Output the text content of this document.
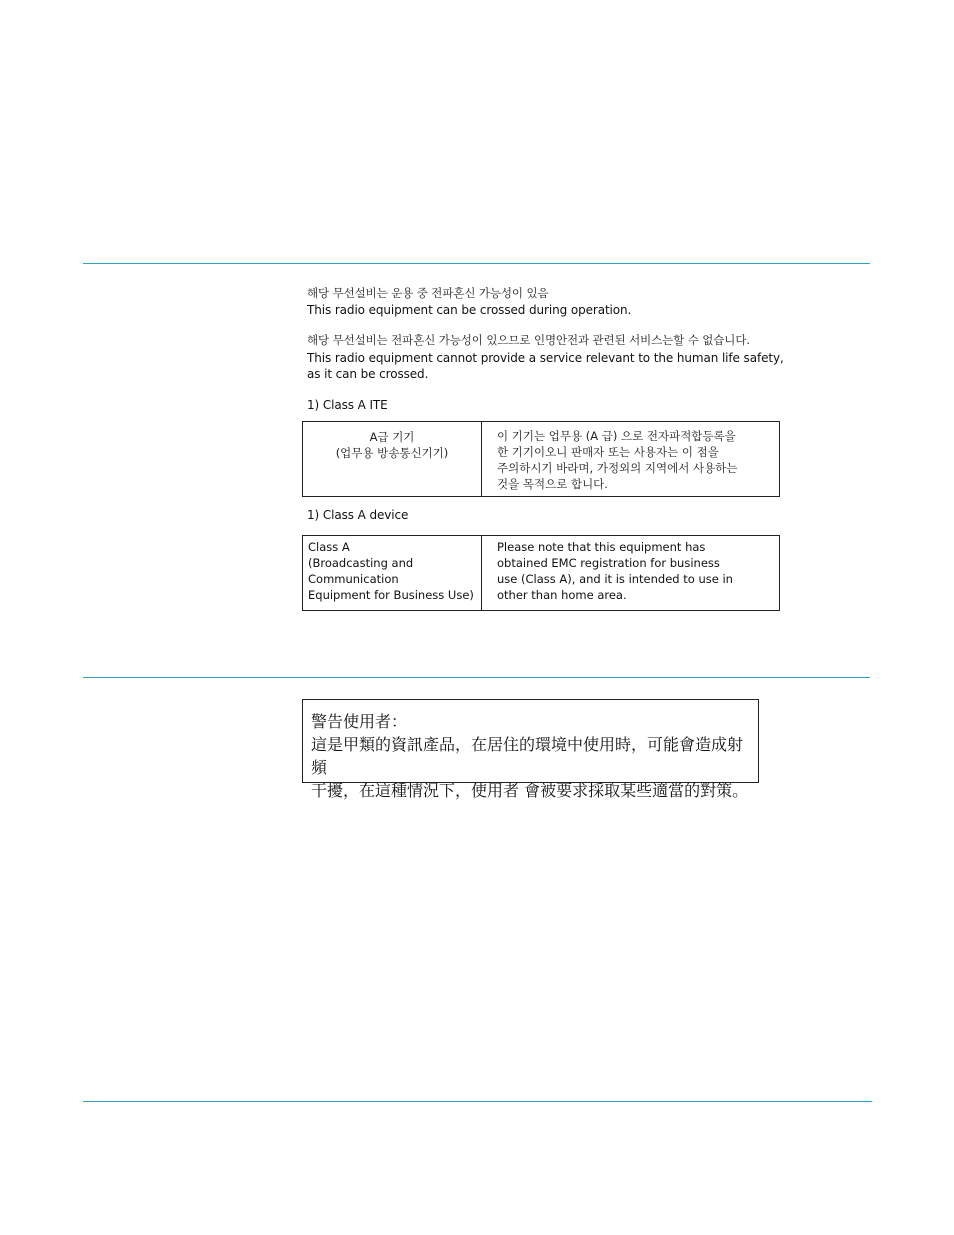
해당 무선설비는 운용 중 전파혼신 가능성이 있음
This radio equipment can be crossed during operation.
해당 무선설비는 전파혼신 가능성이 있으므로 인명안전과 관련된 서비스는할 수 없습니다.
This radio equipment cannot provide a service relevant to the human life safety,
as it can be crossed.
1) Class A ITE
A급 기기
(업무용 방송통신기기)	이 기기는 업무용 (A 급) 으로 전자파적합등록을
한 기기이오니 판매자 또는 사용자는 이 점을
주의하시기 바라며, 가정외의 지역에서 사용하는
것을 목적으로 합니다.
1) Class A device
Class A
(Broadcasting and
Communication
Equipment for Business Use)	Please note that this equipment has
obtained EMC registration for business
use (Class A), and it is intended to use in
other than home area.
警告使用者：
這是甲類的資訊產品，在居住的環境中使用時，可能會造成射頻
干擾，在這種情況下，使用者 會被要求採取某些適當的對策。
